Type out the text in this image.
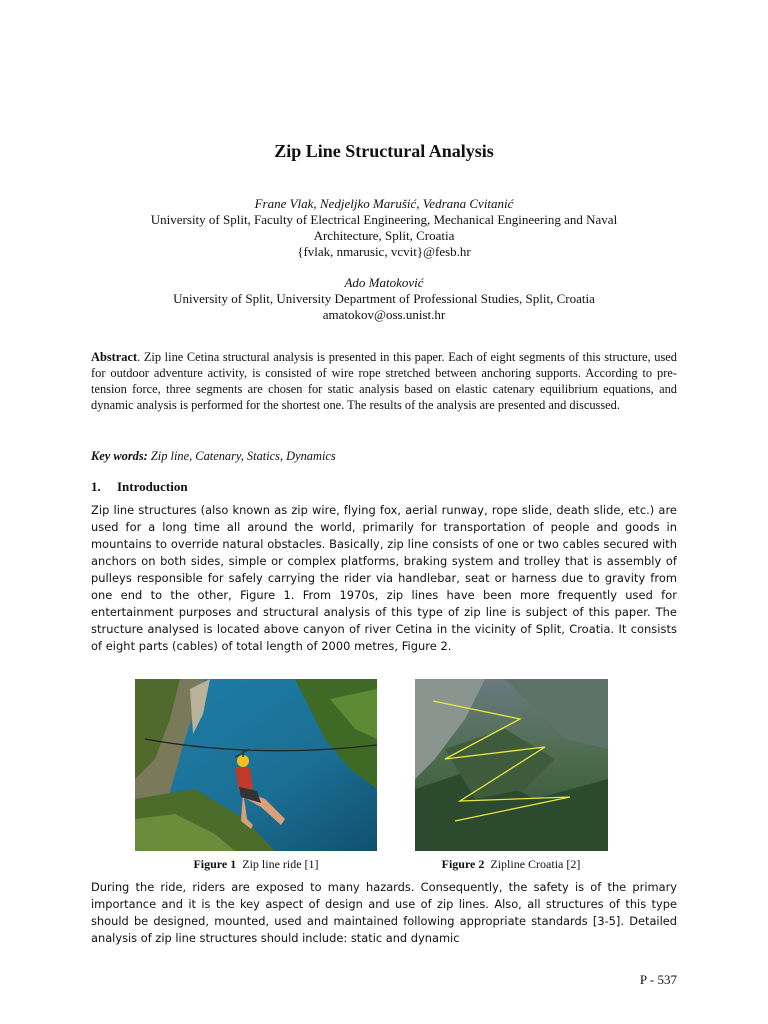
Zip Line Structural Analysis
Frane Vlak, Nedjeljko Marušić, Vedrana Cvitanić
University of Split, Faculty of Electrical Engineering, Mechanical Engineering and Naval
Architecture, Split, Croatia
{fvlak, nmarusic, vcvit}@fesb.hr
Ado Matoković
University of Split, University Department of Professional Studies, Split, Croatia
amatokov@oss.unist.hr
Abstract. Zip line Cetina structural analysis is presented in this paper. Each of eight segments of this structure, used for outdoor adventure activity, is consisted of wire rope stretched between anchoring supports. According to pre-tension force, three segments are chosen for static analysis based on elastic catenary equilibrium equations, and dynamic analysis is performed for the shortest one. The results of the analysis are presented and discussed.
Key words: Zip line, Catenary, Statics, Dynamics
1. Introduction
Zip line structures (also known as zip wire, flying fox, aerial runway, rope slide, death slide, etc.) are used for a long time all around the world, primarily for transportation of people and goods in mountains to override natural obstacles. Basically, zip line consists of one or two cables secured with anchors on both sides, simple or complex platforms, braking system and trolley that is assembly of pulleys responsible for safely carrying the rider via handlebar, seat or harness due to gravity from one end to the other, Figure 1. From 1970s, zip lines have been more frequently used for entertainment purposes and structural analysis of this type of zip line is subject of this paper. The structure analysed is located above canyon of river Cetina in the vicinity of Split, Croatia. It consists of eight parts (cables) of total length of 2000 metres, Figure 2.
Figure 1 Zip line ride [1]	Figure 2 Zipline Croatia [2]
During the ride, riders are exposed to many hazards. Consequently, the safety is of the primary importance and it is the key aspect of design and use of zip lines. Also, all structures of this type should be designed, mounted, used and maintained following appropriate standards [3-5]. Detailed analysis of zip line structures should include: static and dynamic
P - 537
